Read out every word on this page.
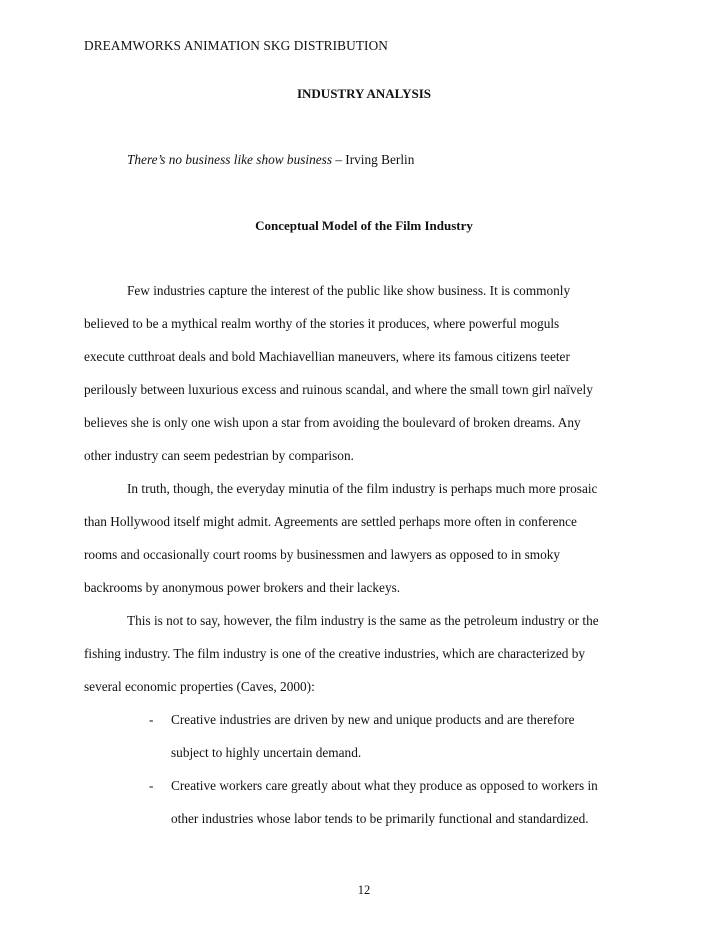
DREAMWORKS ANIMATION SKG DISTRIBUTION
INDUSTRY ANALYSIS
There’s no business like show business – Irving Berlin
Conceptual Model of the Film Industry
Few industries capture the interest of the public like show business. It is commonly
believed to be a mythical realm worthy of the stories it produces, where powerful moguls
execute cutthroat deals and bold Machiavellian maneuvers, where its famous citizens teeter
perilously between luxurious excess and ruinous scandal, and where the small town girl naïvely
believes she is only one wish upon a star from avoiding the boulevard of broken dreams. Any
other industry can seem pedestrian by comparison.
In truth, though, the everyday minutia of the film industry is perhaps much more prosaic
than Hollywood itself might admit. Agreements are settled perhaps more often in conference
rooms and occasionally court rooms by businessmen and lawyers as opposed to in smoky
backrooms by anonymous power brokers and their lackeys.
This is not to say, however, the film industry is the same as the petroleum industry or the
fishing industry. The film industry is one of the creative industries, which are characterized by
several economic properties (Caves, 2000):
- Creative industries are driven by new and unique products and are therefore
subject to highly uncertain demand.
- Creative workers care greatly about what they produce as opposed to workers in
other industries whose labor tends to be primarily functional and standardized.
12
